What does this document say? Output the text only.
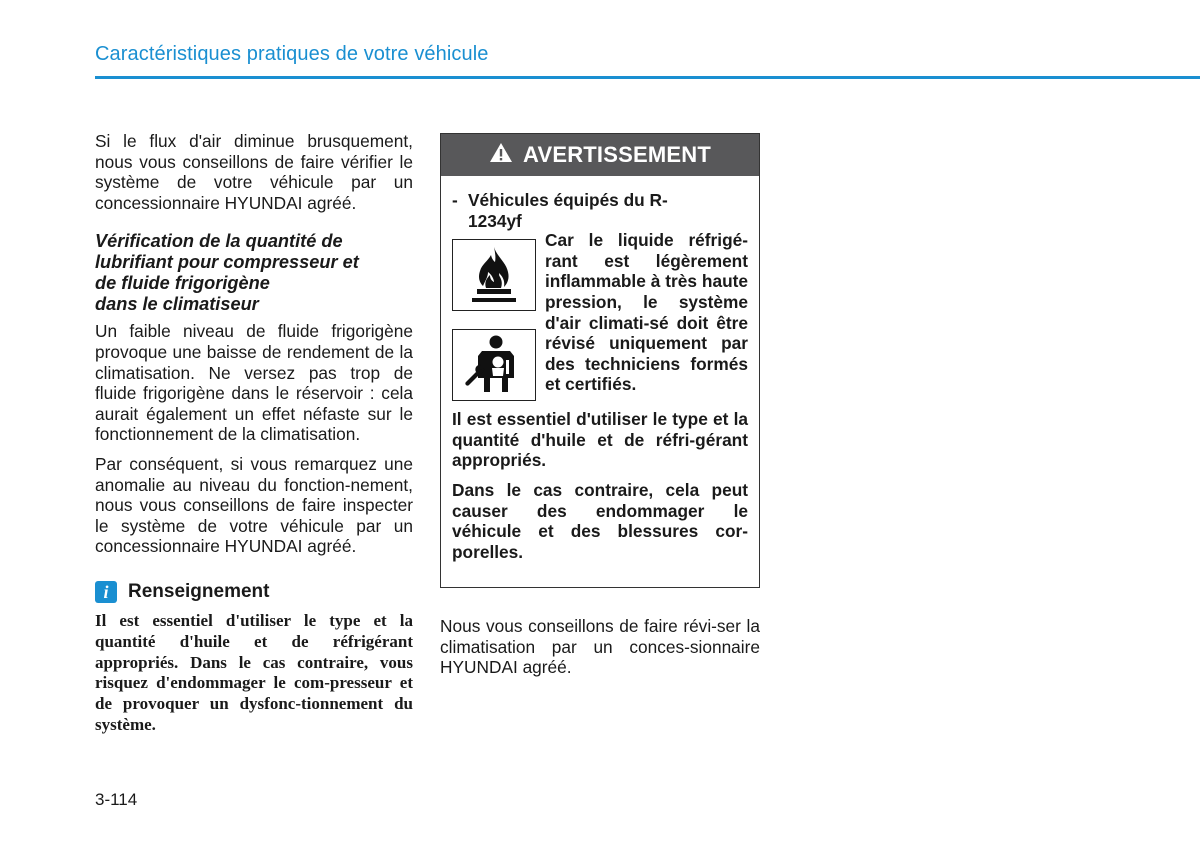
Caractéristiques pratiques de votre véhicule

Si le flux d'air diminue brusquement, nous vous conseillons de faire vérifier le système de votre véhicule par un concessionnaire HYUNDAI agréé.

Vérification de la quantité de
lubrifiant pour compresseur et
de fluide frigorigène
dans le climatiseur

Un faible niveau de fluide frigorigène provoque une baisse de rendement de la climatisation. Ne versez pas trop de fluide frigorigène dans le réservoir : cela aurait également un effet néfaste sur le fonctionnement de la climatisation.

Par conséquent, si vous remarquez une anomalie au niveau du fonction-nement, nous vous conseillons de faire inspecter le système de votre véhicule par un concessionnaire HYUNDAI agréé.

i	Renseignement

Il est essentiel d'utiliser le type et la quantité d'huile et de réfrigérant appropriés. Dans le cas contraire, vous risquez d'endommager le com-presseur et de provoquer un dysfonc-tionnement du système.

AVERTISSEMENT
- Véhicules équipés du R-1234yf

Car le liquide réfrigé-rant est légèrement inflammable à très haute pression, le système d'air climati-sé doit être révisé uniquement par des techniciens formés et certifiés.

Il est essentiel d'utiliser le type et la quantité d'huile et de réfri-gérant appropriés.

Dans le cas contraire, cela peut causer des endommager le véhicule et des blessures cor-porelles.

Nous vous conseillons de faire révi-ser la climatisation par un conces-sionnaire HYUNDAI agréé.

3-114
